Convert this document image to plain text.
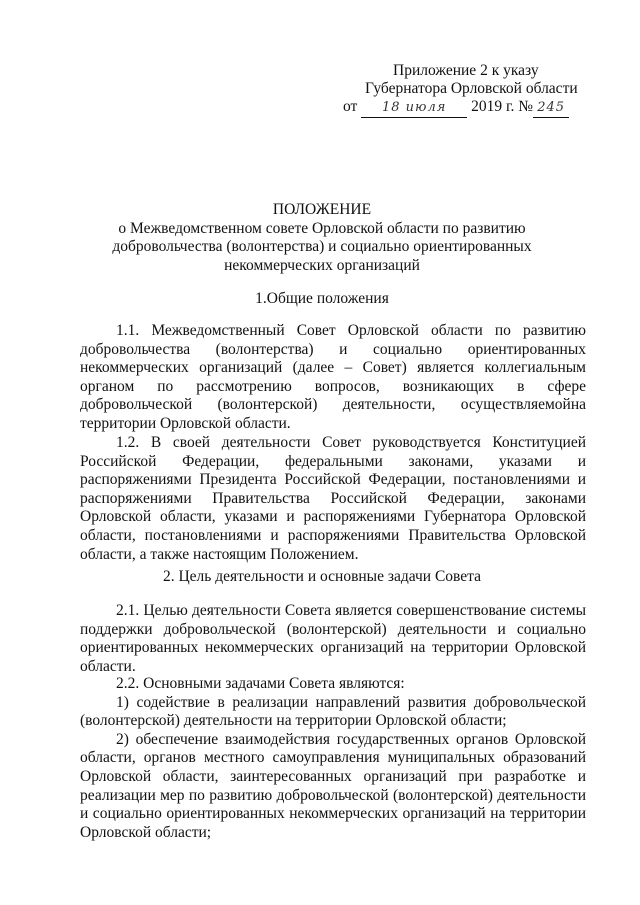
Приложение 2 к указу
Губернатора Орловской области
от 18 июля 2019 г. № 245
ПОЛОЖЕНИЕ
о Межведомственном совете Орловской области по развитию
добровольчества (волонтерства) и социально ориентированных
некоммерческих организаций
1.Общие положения
1.1. Межведомственный Совет Орловской области по развитию добровольчества (волонтерства) и социально ориентированных некоммерческих организаций (далее – Совет) является коллегиальным органом по рассмотрению вопросов, возникающих в сфере добровольческой (волонтерской) деятельности, осуществляемойна территории Орловской области.
1.2. В своей деятельности Совет руководствуется Конституцией Российской Федерации, федеральными законами, указами и распоряжениями Президента Российской Федерации, постановлениями и распоряжениями Правительства Российской Федерации, законами Орловской области, указами и распоряжениями Губернатора Орловской области, постановлениями и распоряжениями Правительства Орловской области, а также настоящим Положением.
2. Цель деятельности и основные задачи Совета
2.1. Целью деятельности Совета является совершенствование системы поддержки добровольческой (волонтерской) деятельности и социально ориентированных некоммерческих организаций на территории Орловской области.
2.2. Основными задачами Совета являются:
1) содействие в реализации направлений развития добровольческой (волонтерской) деятельности на территории Орловской области;
2) обеспечение взаимодействия государственных органов Орловской области, органов местного самоуправления муниципальных образований Орловской области, заинтересованных организаций при разработке и реализации мер по развитию добровольческой (волонтерской) деятельности и социально ориентированных некоммерческих организаций на территории Орловской области;
